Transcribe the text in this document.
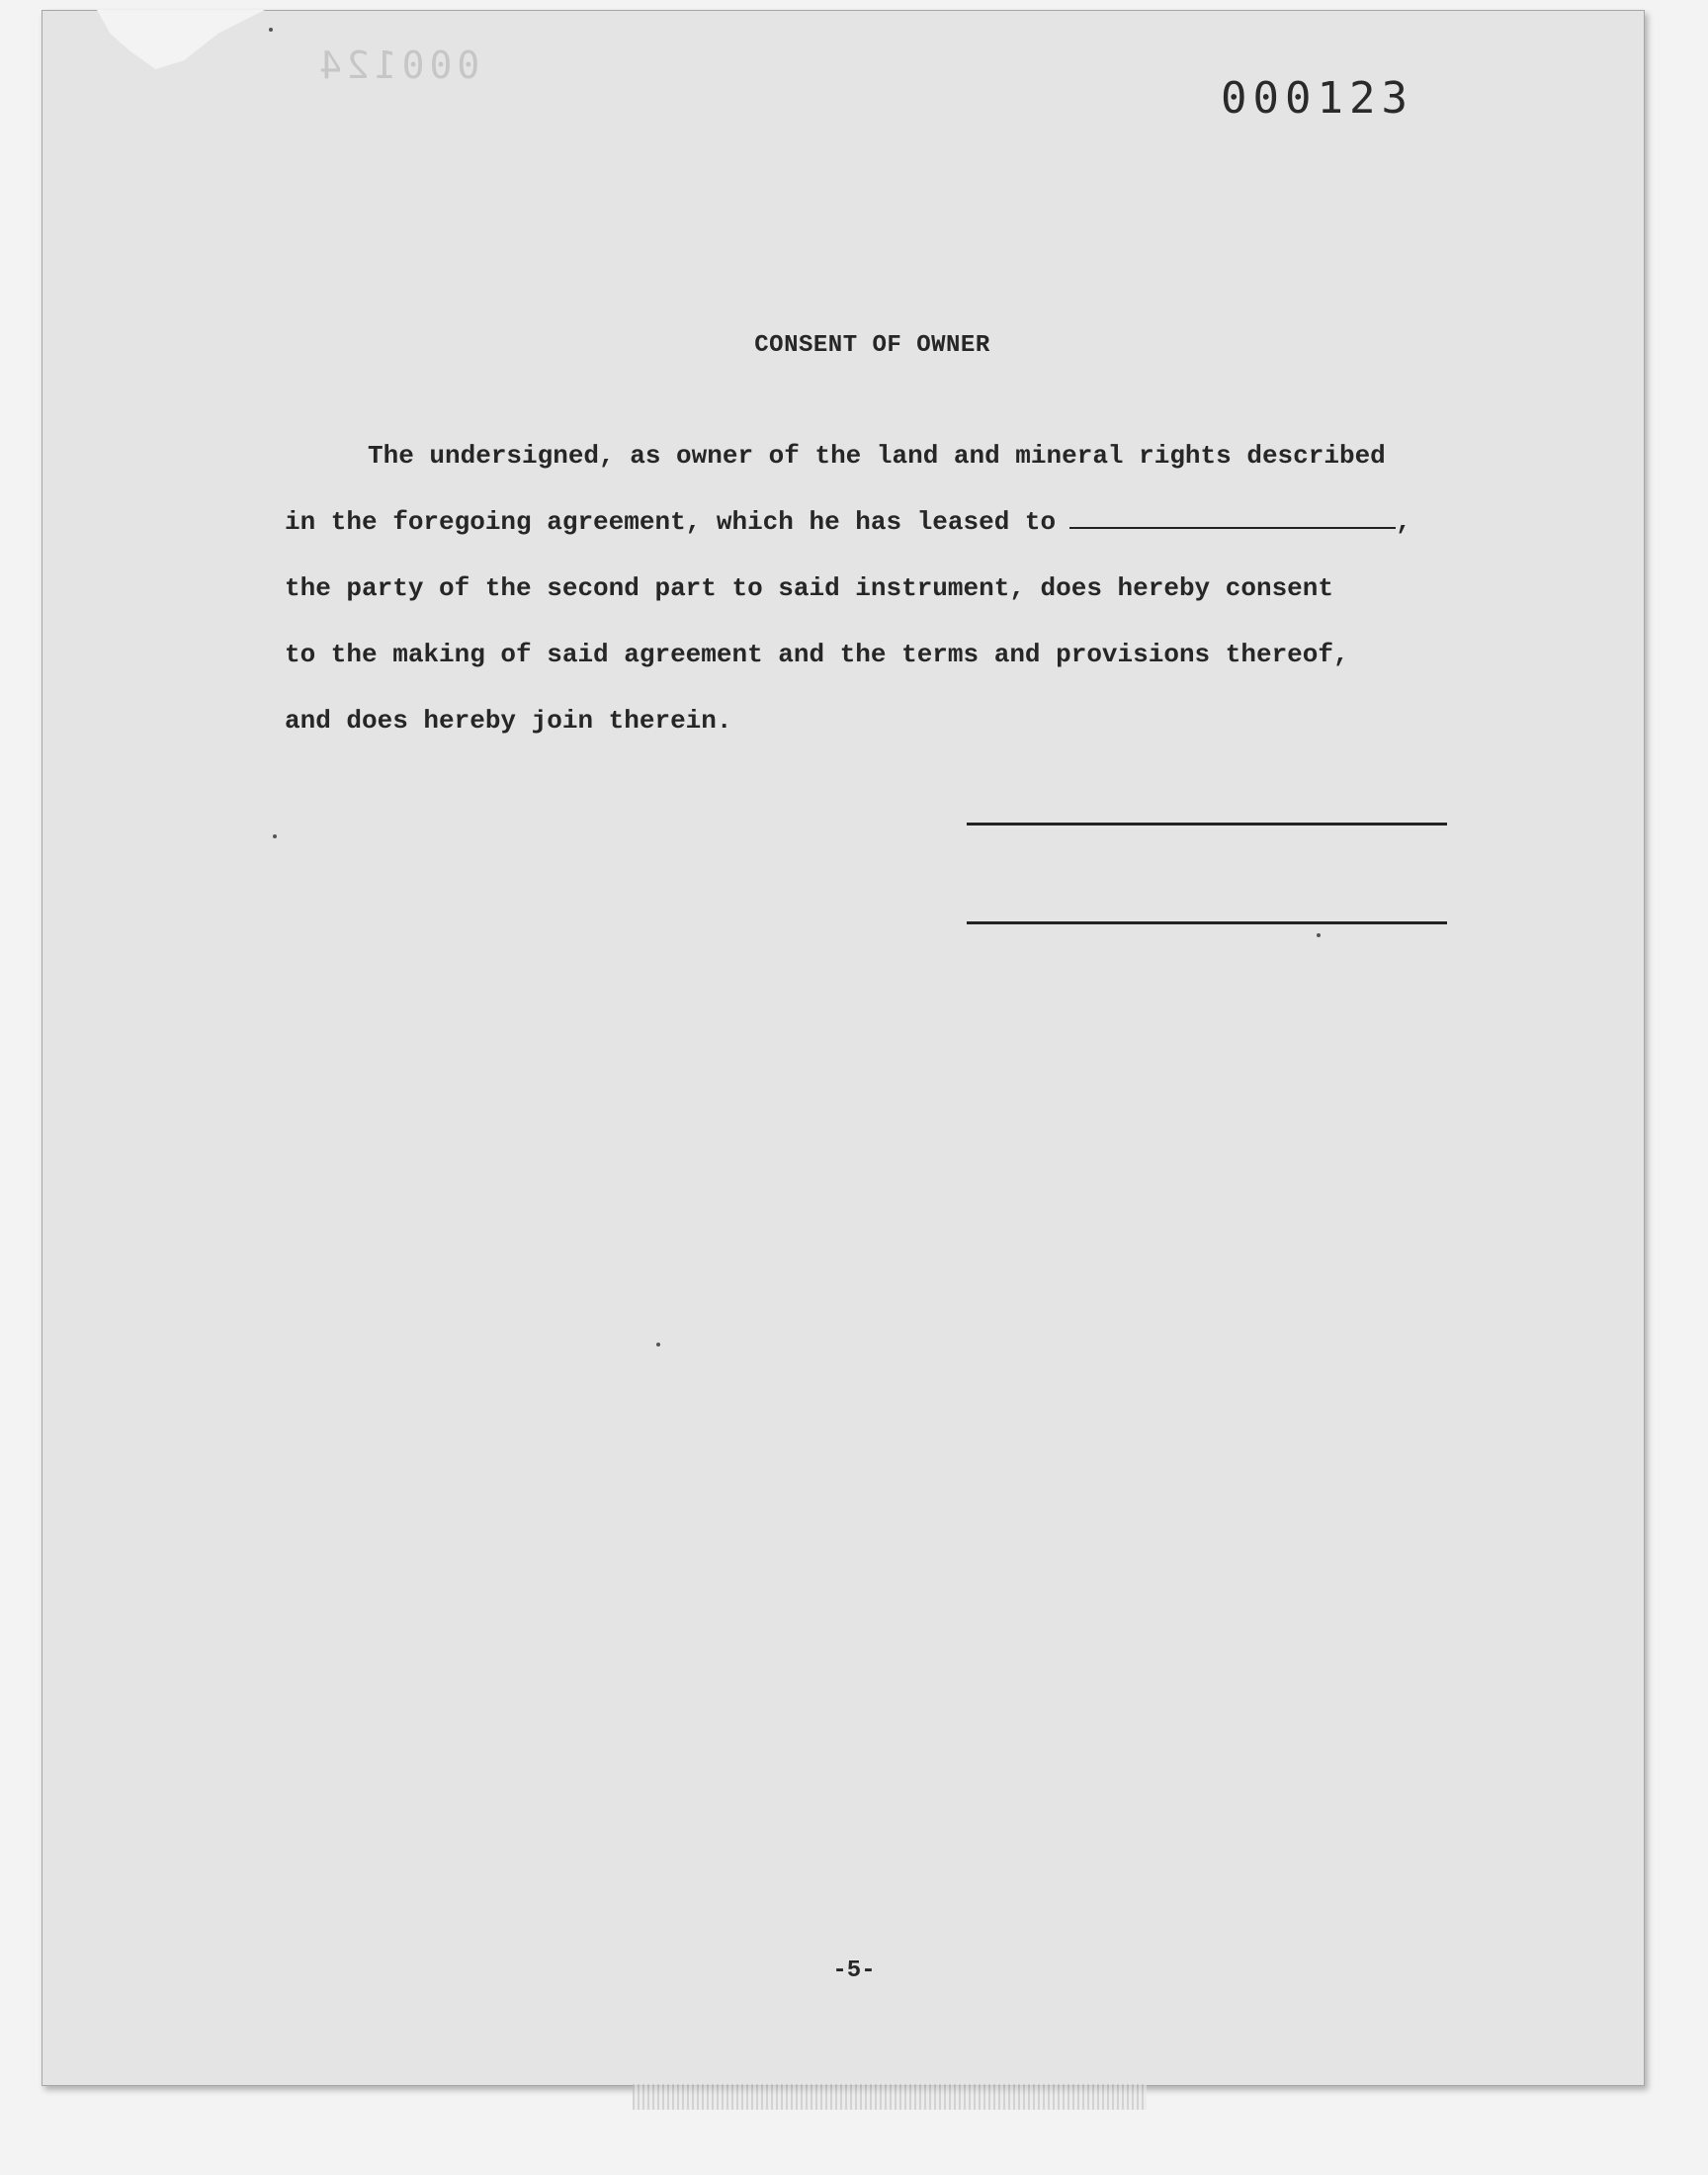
000124
000123
CONSENT OF OWNER
The undersigned, as owner of the land and mineral rights described
in the foregoing agreement, which he has leased to	,
the party of the second part to said instrument, does hereby consent
to the making of said agreement and the terms and provisions thereof,
and does hereby join therein.
-5-
